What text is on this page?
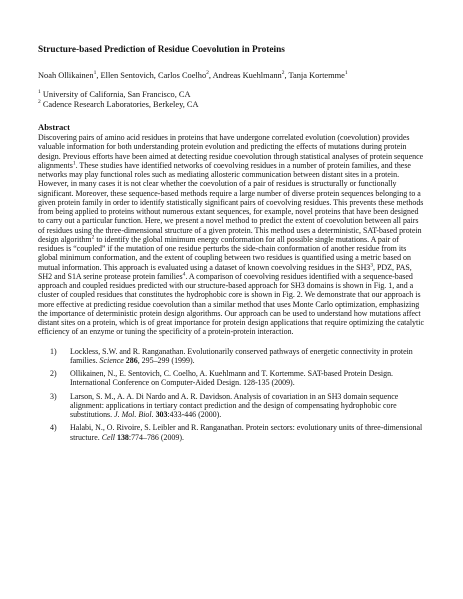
Structure-based Prediction of Residue Coevolution in Proteins
Noah Ollikainen$^1$, Ellen Sentovich, Carlos Coelho$^2$, Andreas Kuehlmann$^2$, Tanja Kortemme$^1$
$^1$ University of California, San Francisco, CA
$^2$ Cadence Research Laboratories, Berkeley, CA
Abstract
Discovering pairs of amino acid residues in proteins that have undergone correlated evolution (coevolution) provides valuable information for both understanding protein evolution and predicting the effects of mutations during protein design. Previous efforts have been aimed at detecting residue coevolution through statistical analyses of protein sequence alignments$^1$. These studies have identified networks of coevolving residues in a number of protein families, and these networks may play functional roles such as mediating allosteric communication between distant sites in a protein. However, in many cases it is not clear whether the coevolution of a pair of residues is structurally or functionally significant. Moreover, these sequence-based methods require a large number of diverse protein sequences belonging to a given protein family in order to identify statistically significant pairs of coevolving residues. This prevents these methods from being applied to proteins without numerous extant sequences, for example, novel proteins that have been designed to carry out a particular function. Here, we present a novel method to predict the extent of coevolution between all pairs of residues using the three-dimensional structure of a given protein. This method uses a deterministic, SAT-based protein design algorithm$^2$ to identify the global minimum energy conformation for all possible single mutations. A pair of residues is “coupled” if the mutation of one residue perturbs the side-chain conformation of another residue from its global minimum conformation, and the extent of coupling between two residues is quantified using a metric based on mutual information. This approach is evaluated using a dataset of known coevolving residues in the $SH3^3$, PDZ, PAS, SH2 and S1A serine protease protein families$^4$. A comparison of coevolving residues identified with a sequence-based approach and coupled residues predicted with our structure-based approach for SH3 domains is shown in Fig. 1, and a cluster of coupled residues that constitutes the hydrophobic core is shown in Fig. 2. We demonstrate that our approach is more effective at predicting residue coevolution than a similar method that uses Monte Carlo optimization, emphasizing the importance of deterministic protein design algorithms. Our approach can be used to understand how mutations affect distant sites on a protein, which is of great importance for protein design applications that require optimizing the catalytic efficiency of an enzyme or tuning the specificity of a protein-protein interaction.
1)	Lockless, S.W. and R. Ranganathan. Evolutionarily conserved pathways of energetic connectivity in protein families. Science 286, 295–299 (1999).
2)	Ollikainen, N., E. Sentovich, C. Coelho, A. Kuehlmann and T. Kortemme. SAT-based Protein Design. International Conference on Computer-Aided Design. 128-135 (2009).
3)	Larson, S. M., A. A. Di Nardo and A. R. Davidson. Analysis of covariation in an SH3 domain sequence alignment: applications in tertiary contact prediction and the design of compensating hydrophobic core substitutions. J. Mol. Biol. 303:433-446 (2000).
4)	Halabi, N., O. Rivoire, S. Leibler and R. Ranganathan. Protein sectors: evolutionary units of three-dimensional structure. Cell 138:774–786 (2009).
